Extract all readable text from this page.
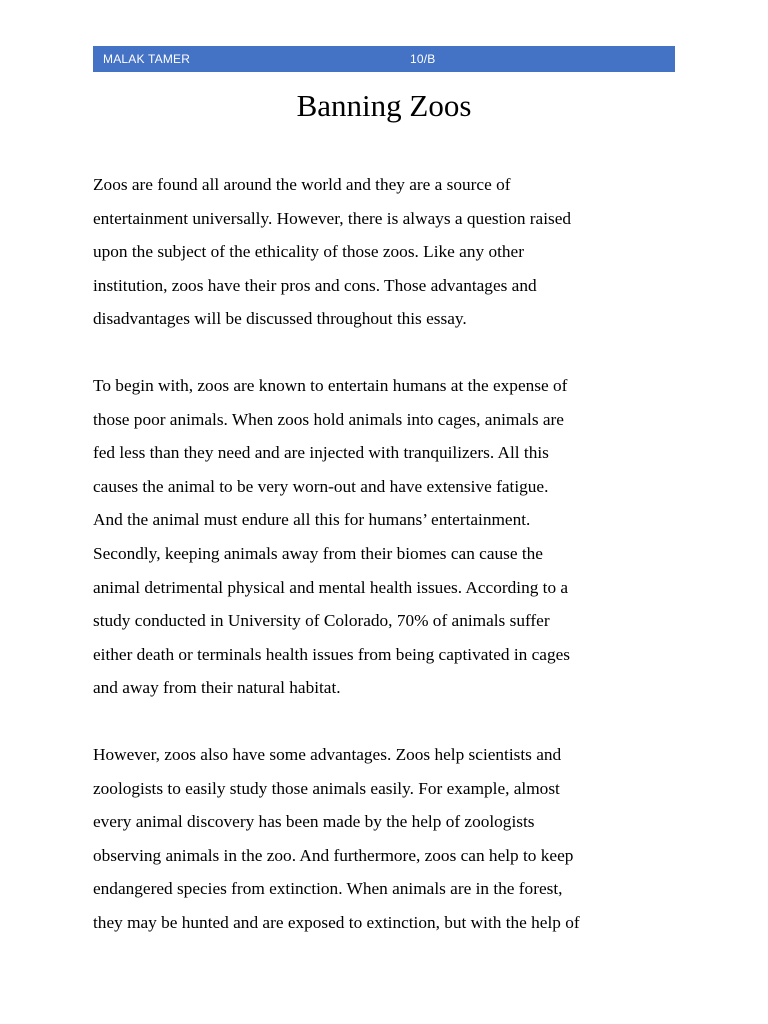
MALAK TAMER	10/B
Banning Zoos
Zoos are found all around the world and they are a source of
entertainment universally. However, there is always a question raised
upon the subject of the ethicality of those zoos. Like any other
institution, zoos have their pros and cons. Those advantages and
disadvantages will be discussed throughout this essay.
To begin with, zoos are known to entertain humans at the expense of
those poor animals. When zoos hold animals into cages, animals are
fed less than they need and are injected with tranquilizers. All this
causes the animal to be very worn-out and have extensive fatigue.
And the animal must endure all this for humans’ entertainment.
Secondly, keeping animals away from their biomes can cause the
animal detrimental physical and mental health issues. According to a
study conducted in University of Colorado, 70% of animals suffer
either death or terminals health issues from being captivated in cages
and away from their natural habitat.
However, zoos also have some advantages. Zoos help scientists and
zoologists to easily study those animals easily. For example, almost
every animal discovery has been made by the help of zoologists
observing animals in the zoo. And furthermore, zoos can help to keep
endangered species from extinction. When animals are in the forest,
they may be hunted and are exposed to extinction, but with the help of
